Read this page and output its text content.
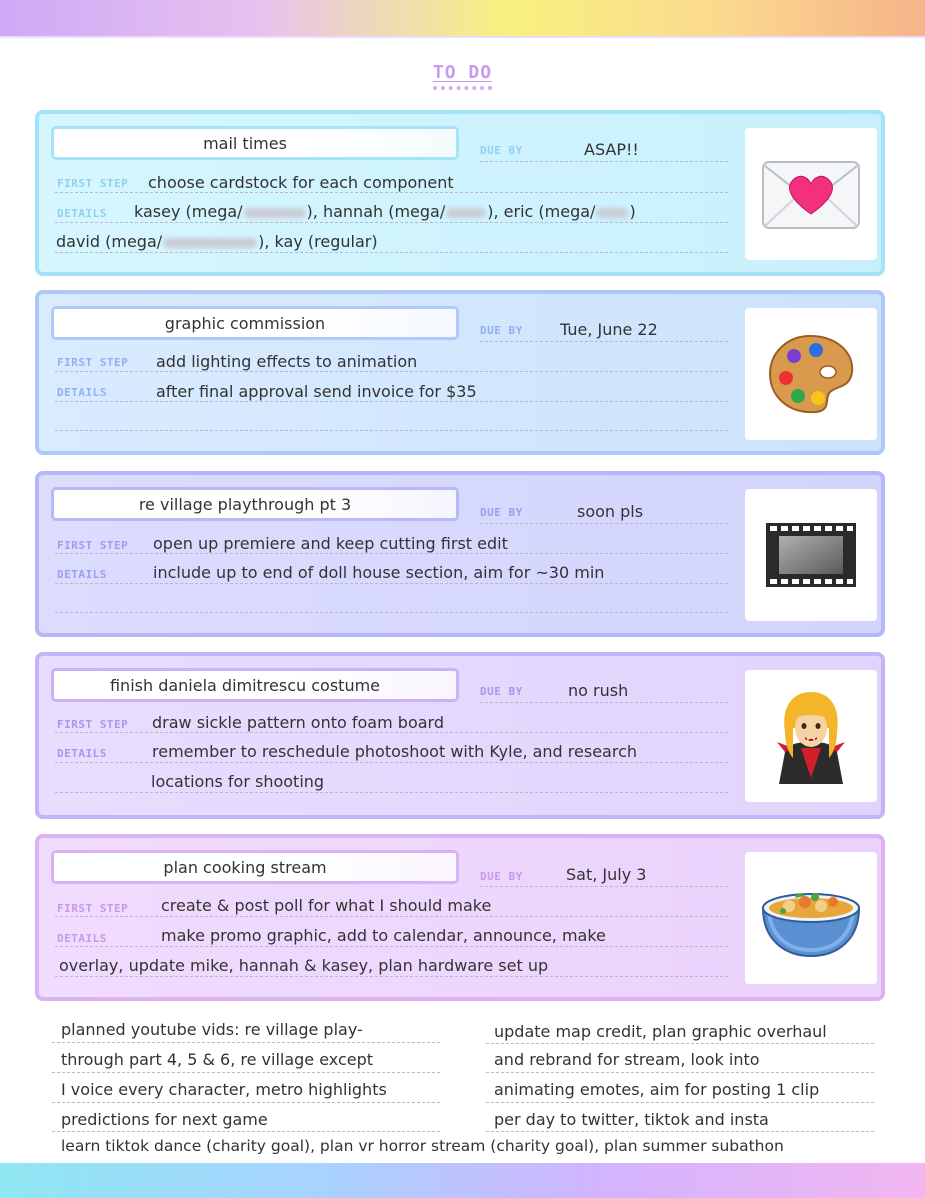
TO DO
mail times	DUE BY	ASAP!!
FIRST STEP choose cardstock for each component
DETAILS kasey (mega/	), hannah (mega/	), eric (mega/ )
david (mega/	), kay (regular)
graphic commission	DUE BY Tue, June 22
FIRST STEP add lighting effects to animation
DETAILS	after final approval send invoice for $35
re village playthrough pt 3	DUE BY	soon pls
FIRST STEP open up premiere and keep cutting first edit
DETAILS	include up to end of doll house section, aim for ~30 min
finish daniela dimitrescu costume	DUE BY	no rush
FIRST STEP draw sickle pattern onto foam board
DETAILS	remember to reschedule photoshoot with Kyle, and research
locations for shooting
plan cooking stream	DUE BY	Sat, July 3
FIRST STEP create & post poll for what I should make
DETAILS	make promo graphic, add to calendar, announce, make
overlay, update mike, hannah & kasey, plan hardware set up
planned youtube vids: re village play-
through part 4, 5 & 6, re village except
I voice every character, metro highlights
predictions for next game
update map credit, plan graphic overhaul
and rebrand for stream, look into
animating emotes, aim for posting 1 clip
per day to twitter, tiktok and insta
learn tiktok dance (charity goal), plan vr horror stream (charity goal), plan summer subathon
